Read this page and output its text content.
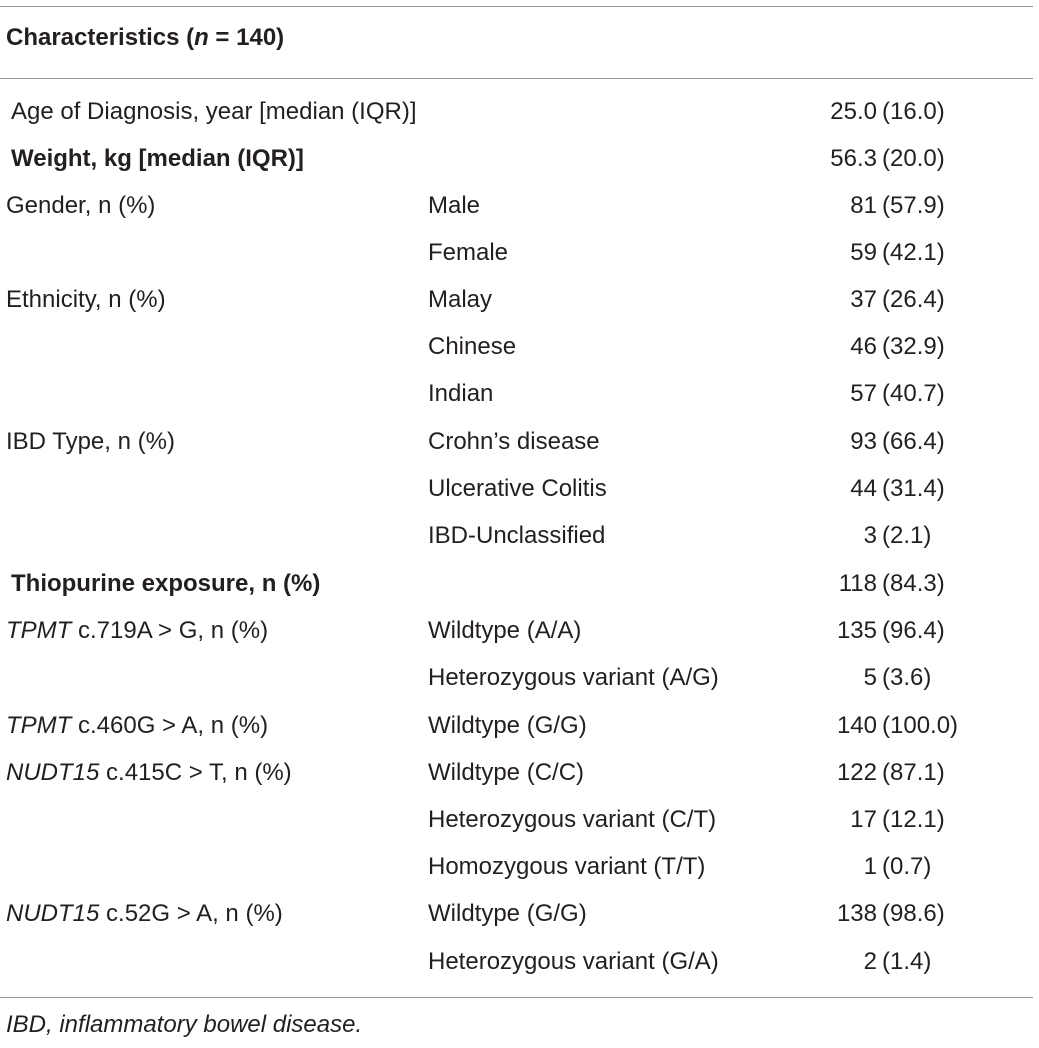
Characteristics (n = 140)
Age of Diagnosis, year [median (IQR)]	25.0 (16.0)
Weight, kg [median (IQR)]	56.3 (20.0)
Gender, n (%)	Male	81 (57.9)
Female	59 (42.1)
Ethnicity, n (%)	Malay	37 (26.4)
Chinese	46 (32.9)
Indian	57 (40.7)
IBD Type, n (%)	Crohn’s disease	93 (66.4)
Ulcerative Colitis	44 (31.4)
IBD-Unclassified	3 (2.1)
Thiopurine exposure, n (%)	118 (84.3)
TPMT c.719A > G, n (%)	Wildtype (A/A)	135 (96.4)
Heterozygous variant (A/G)	5 (3.6)
TPMT c.460G > A, n (%)	Wildtype (G/G)	140 (100.0)
NUDT15 c.415C > T, n (%)	Wildtype (C/C)	122 (87.1)
Heterozygous variant (C/T)	17 (12.1)
Homozygous variant (T/T)	1 (0.7)
NUDT15 c.52G > A, n (%)	Wildtype (G/G)	138 (98.6)
Heterozygous variant (G/A)	2 (1.4)
IBD, inflammatory bowel disease.
